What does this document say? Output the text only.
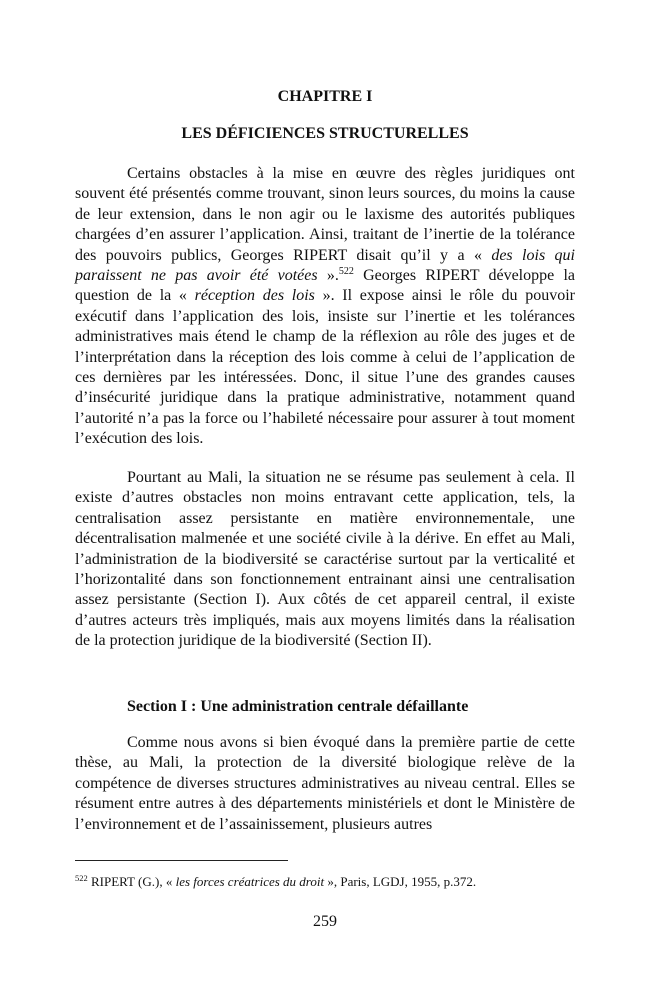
CHAPITRE I
LES DÉFICIENCES STRUCTURELLES

Certains obstacles à la mise en œuvre des règles juridiques ont souvent été présentés comme trouvant, sinon leurs sources, du moins la cause de leur extension, dans le non agir ou le laxisme des autorités publiques chargées d’en assurer l’application. Ainsi, traitant de l’inertie de la tolérance des pouvoirs publics, Georges RIPERT disait qu’il y a « des lois qui paraissent ne pas avoir été votées ».$^{522}$ Georges RIPERT développe la question de la « réception des lois ». Il expose ainsi le rôle du pouvoir exécutif dans l’application des lois, insiste sur l’inertie et les tolérances administratives mais étend le champ de la réflexion au rôle des juges et de l’interprétation dans la réception des lois comme à celui de l’application de ces dernières par les intéressées. Donc, il situe l’une des grandes causes d’insécurité juridique dans la pratique administrative, notamment quand l’autorité n’a pas la force ou l’habileté nécessaire pour assurer à tout moment l’exécution des lois.

Pourtant au Mali, la situation ne se résume pas seulement à cela. Il existe d’autres obstacles non moins entravant cette application, tels, la centralisation assez persistante en matière environnementale, une décentralisation malmenée et une société civile à la dérive. En effet au Mali, l’administration de la biodiversité se caractérise surtout par la verticalité et l’horizontalité dans son fonctionnement entrainant ainsi une centralisation assez persistante (Section I). Aux côtés de cet appareil central, il existe d’autres acteurs très impliqués, mais aux moyens limités dans la réalisation de la protection juridique de la biodiversité (Section II).

Section I : Une administration centrale défaillante

Comme nous avons si bien évoqué dans la première partie de cette thèse, au Mali, la protection de la diversité biologique relève de la compétence de diverses structures administratives au niveau central. Elles se résument entre autres à des départements ministériels et dont le Ministère de l’environnement et de l’assainissement, plusieurs autres

$^{522}$ RIPERT (G.), « les forces créatrices du droit », Paris, LGDJ, 1955, p.372.
259
